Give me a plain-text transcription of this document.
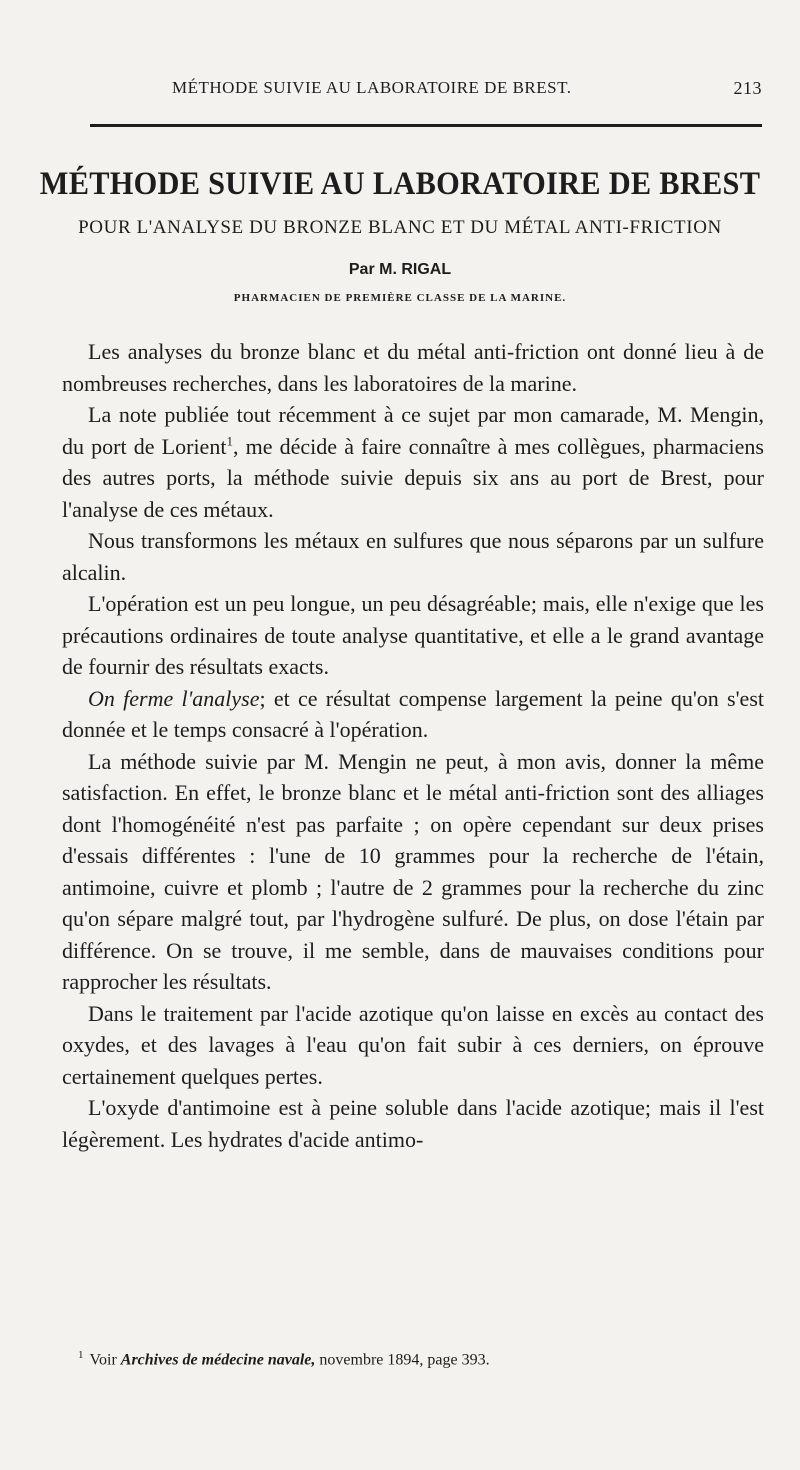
MÉTHODE SUIVIE AU LABORATOIRE DE BREST.	213
MÉTHODE SUIVIE AU LABORATOIRE DE BREST
POUR L'ANALYSE DU BRONZE BLANC ET DU MÉTAL ANTI-FRICTION
Par M. RIGAL
PHARMACIEN DE PREMIÈRE CLASSE DE LA MARINE.

Les analyses du bronze blanc et du métal anti-friction ont donné lieu à de nombreuses recherches, dans les laboratoires de la marine.

La note publiée tout récemment à ce sujet par mon camarade, M. Mengin, du port de Lorient$^1$, me décide à faire connaître à mes collègues, pharmaciens des autres ports, la méthode suivie depuis six ans au port de Brest, pour l'analyse de ces métaux.

Nous transformons les métaux en sulfures que nous séparons par un sulfure alcalin.

L'opération est un peu longue, un peu désagréable; mais, elle n'exige que les précautions ordinaires de toute analyse quantitative, et elle a le grand avantage de fournir des résultats exacts.

On ferme l'analyse; et ce résultat compense largement la peine qu'on s'est donnée et le temps consacré à l'opération.

La méthode suivie par M. Mengin ne peut, à mon avis, donner la même satisfaction. En effet, le bronze blanc et le métal anti-friction sont des alliages dont l'homogénéité n'est pas parfaite ; on opère cependant sur deux prises d'essais différentes : l'une de 10 grammes pour la recherche de l'étain, antimoine, cuivre et plomb ; l'autre de 2 grammes pour la recherche du zinc qu'on sépare malgré tout, par l'hydrogène sulfuré. De plus, on dose l'étain par différence. On se trouve, il me semble, dans de mauvaises conditions pour rapprocher les résultats.

Dans le traitement par l'acide azotique qu'on laisse en excès au contact des oxydes, et des lavages à l'eau qu'on fait subir à ces derniers, on éprouve certainement quelques pertes.

L'oxyde d'antimoine est à peine soluble dans l'acide azotique; mais il l'est légèrement. Les hydrates d'acide antimo-

$^1$ Voir Archives de médecine navale, novembre 1894, page 393.
